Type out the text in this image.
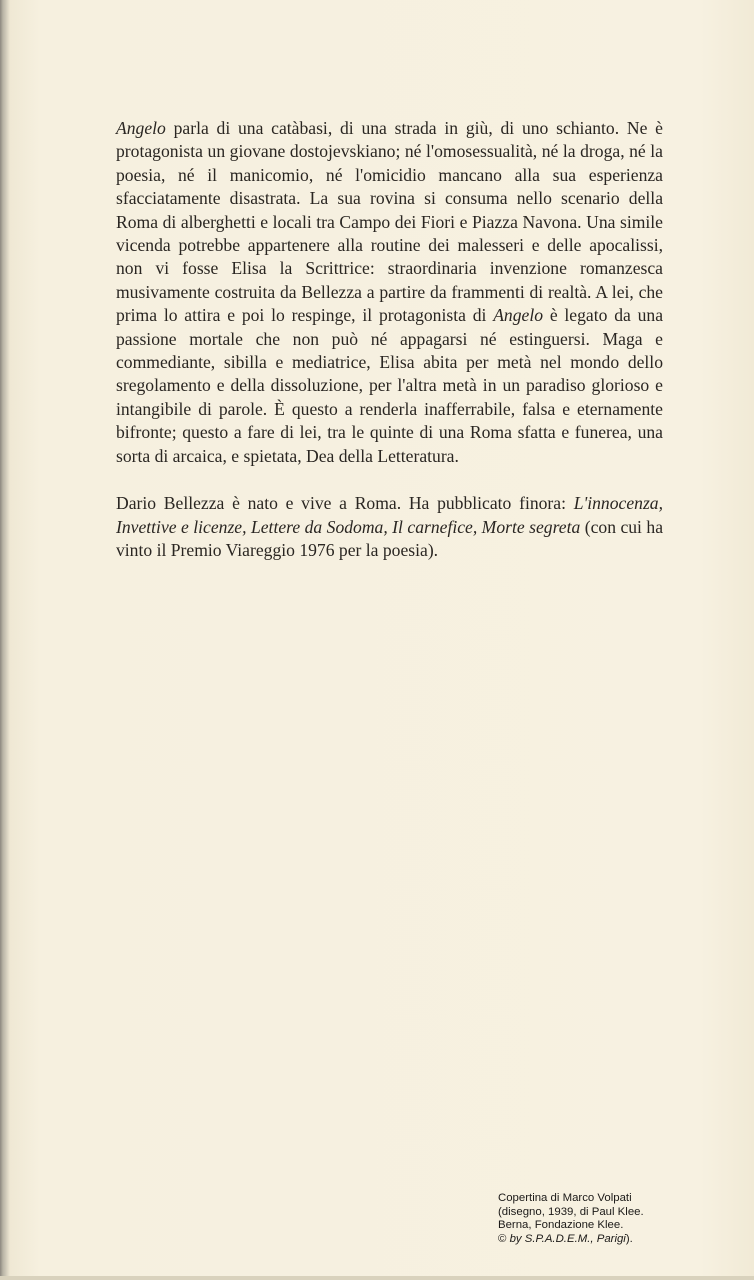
Angelo parla di una catàbasi, di una strada in giù, di uno schianto. Ne è protagonista un giovane dostojevskiano; né l'omosessualità, né la droga, né la poesia, né il manicomio, né l'omicidio mancano alla sua esperienza sfacciatamente disastrata. La sua rovina si consuma nello scenario della Roma di alberghetti e locali tra Campo dei Fiori e Piazza Navona. Una simile vicenda potrebbe appartenere alla routine dei malesseri e delle apocalissi, non vi fosse Elisa la Scrittrice: straordinaria invenzione romanzesca musivamente costruita da Bellezza a partire da frammenti di realtà. A lei, che prima lo attira e poi lo respinge, il protagonista di Angelo è legato da una passione mortale che non può né appagarsi né estinguersi. Maga e commediante, sibilla e mediatrice, Elisa abita per metà nel mondo dello sregolamento e della dissoluzione, per l'altra metà in un paradiso glorioso e intangibile di parole. È questo a renderla inafferrabile, falsa e eternamente bifronte; questo a fare di lei, tra le quinte di una Roma sfatta e funerea, una sorta di arcaica, e spietata, Dea della Letteratura.

Dario Bellezza è nato e vive a Roma. Ha pubblicato finora: L'innocenza, Invettive e licenze, Lettere da Sodoma, Il carnefice, Morte segreta (con cui ha vinto il Premio Viareggio 1976 per la poesia).

Copertina di Marco Volpati
(disegno, 1939, di Paul Klee.
Berna, Fondazione Klee.
© by S.P.A.D.E.M., Parigi).
